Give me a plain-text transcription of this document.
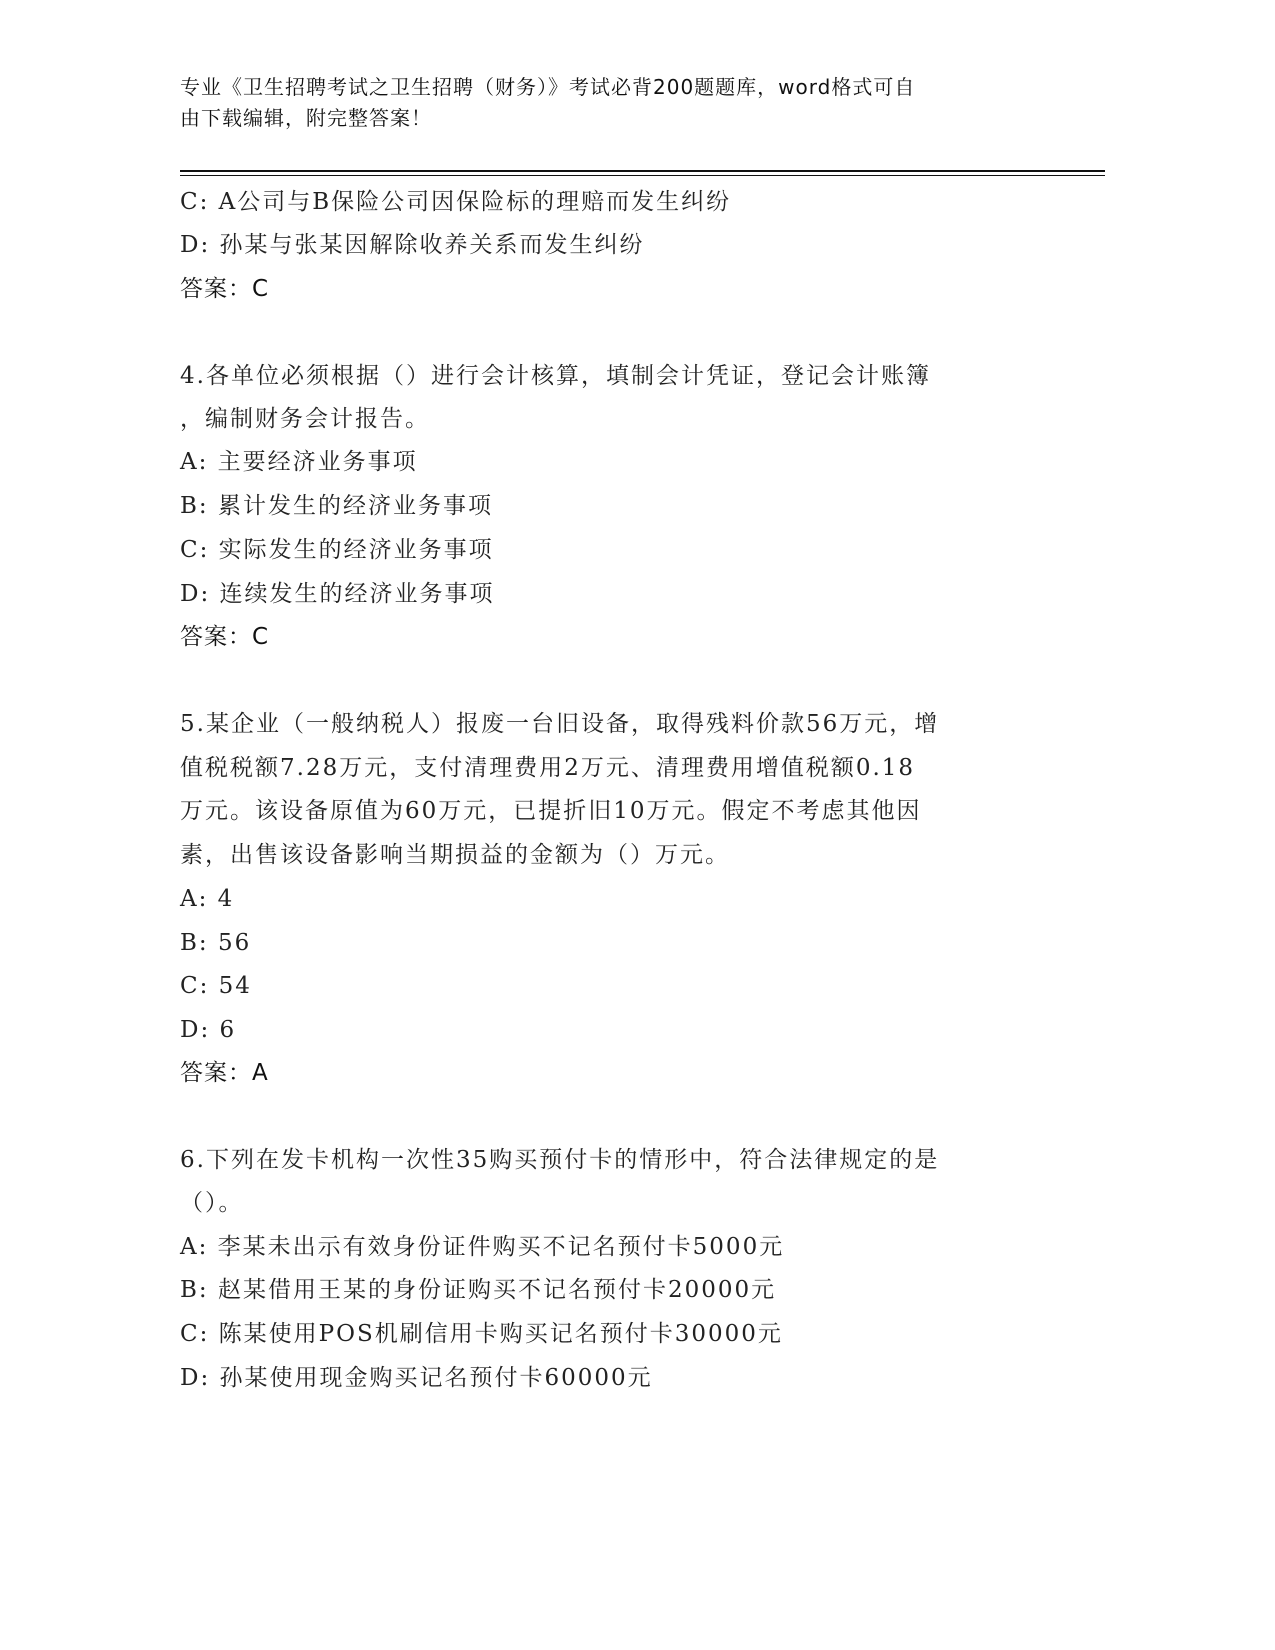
专业《卫生招聘考试之卫生招聘（财务）》考试必背200题题库，word格式可自
由下载编辑，附完整答案！
C: A公司与B保险公司因保险标的理赔而发生纠纷
D: 孙某与张某因解除收养关系而发生纠纷
答案：C
4.各单位必须根据（）进行会计核算，填制会计凭证，登记会计账簿
，编制财务会计报告。
A: 主要经济业务事项
B: 累计发生的经济业务事项
C: 实际发生的经济业务事项
D: 连续发生的经济业务事项
答案：C
5.某企业（一般纳税人）报废一台旧设备，取得残料价款56万元，增
值税税额7.28万元，支付清理费用2万元、清理费用增值税额0.18
万元。该设备原值为60万元，已提折旧10万元。假定不考虑其他因
素，出售该设备影响当期损益的金额为（）万元。
A: 4
B: 56
C: 54
D: 6
答案：A
6.下列在发卡机构一次性35购买预付卡的情形中，符合法律规定的是
（）。
A: 李某未出示有效身份证件购买不记名预付卡5000元
B: 赵某借用王某的身份证购买不记名预付卡20000元
C: 陈某使用POS机刷信用卡购买记名预付卡30000元
D: 孙某使用现金购买记名预付卡60000元
